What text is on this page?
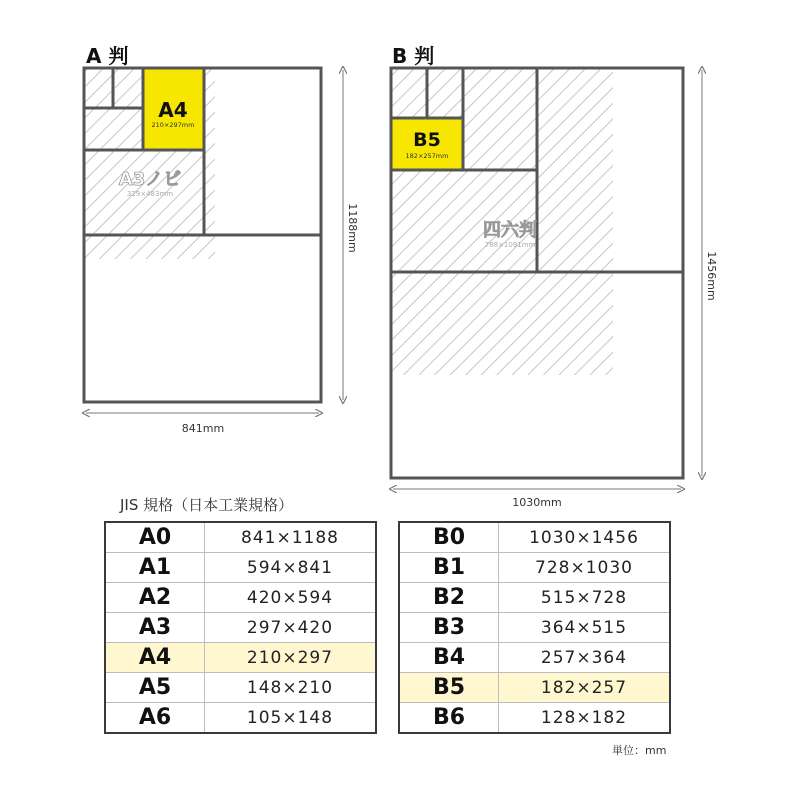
A4
210×297mm
A3ノビ
329×483mm
1188mm
841mm
B5
182×257mm
四六判
788×1091mm
1456mm
1030mm
A 判	B 判
JIS 規格（日本工業規格）
A0	841×1188
A1	594×841
A2	420×594
A3	297×420
A4	210×297
A5	148×210
A6	105×148
B0	1030×1456
B1	728×1030
B2	515×728
B3	364×515
B4	257×364
B5	182×257
B6	128×182
単位：mm
